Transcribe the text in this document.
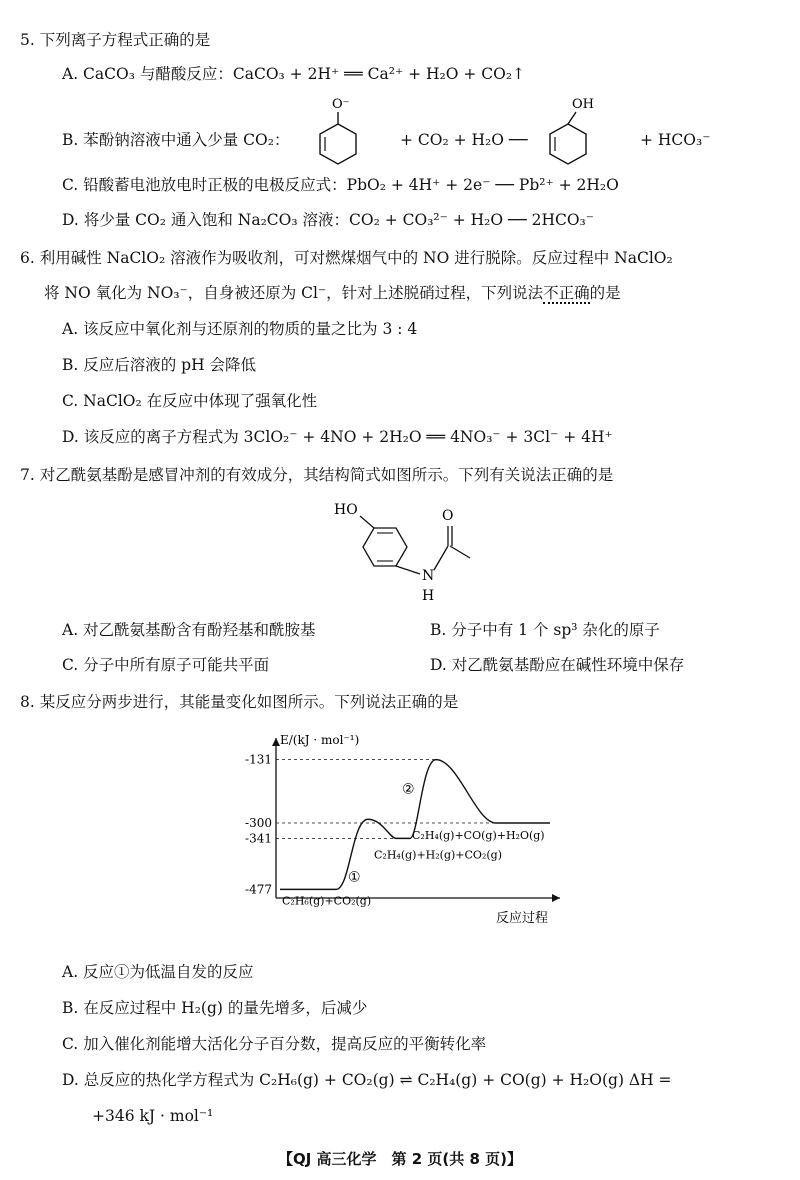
5. 下列离子方程式正确的是
A. CaCO₃ 与醋酸反应：CaCO₃ + 2H⁺ ══ Ca²⁺ + H₂O + CO₂↑
B. 苯酚钠溶液中通入少量 CO₂：
O⁻
+ CO₂ + H₂O ──
OH
+ HCO₃⁻
C. 铅酸蓄电池放电时正极的电极反应式：PbO₂ + 4H⁺ + 2e⁻ ── Pb²⁺ + 2H₂O
D. 将少量 CO₂ 通入饱和 Na₂CO₃ 溶液：CO₂ + CO₃²⁻ + H₂O ── 2HCO₃⁻
6. 利用碱性 NaClO₂ 溶液作为吸收剂，可对燃煤烟气中的 NO 进行脱除。反应过程中 NaClO₂
将 NO 氧化为 NO₃⁻，自身被还原为 Cl⁻，针对上述脱硝过程，下列说法不正确的是
A. 该反应中氧化剂与还原剂的物质的量之比为 3 : 4
B. 反应后溶液的 pH 会降低
C. NaClO₂ 在反应中体现了强氧化性
D. 该反应的离子方程式为 3ClO₂⁻ + 4NO + 2H₂O ══ 4NO₃⁻ + 3Cl⁻ + 4H⁺
7. 对乙酰氨基酚是感冒冲剂的有效成分，其结构简式如图所示。下列有关说法正确的是
HO
N
H
O
A. 对乙酰氨基酚含有酚羟基和酰胺基	B. 分子中有 1 个 sp³ 杂化的原子
C. 分子中所有原子可能共平面	D. 对乙酰氨基酚应在碱性环境中保存
8. 某反应分两步进行，其能量变化如图所示。下列说法正确的是
E/(kJ · mol⁻¹)
反应过程
-131
-300
-341
-477
C₂H₆(g)+CO₂(g)
C₂H₄(g)+H₂(g)+CO₂(g)
C₂H₄(g)+CO(g)+H₂O(g)
①
②
A. 反应①为低温自发的反应
B. 在反应过程中 H₂(g) 的量先增多，后减少
C. 加入催化剂能增大活化分子百分数，提高反应的平衡转化率
D. 总反应的热化学方程式为 C₂H₆(g) + CO₂(g) ⇌ C₂H₄(g) + CO(g) + H₂O(g) ΔH =
+346 kJ · mol⁻¹
【QJ 高三化学　第 2 页(共 8 页)】
